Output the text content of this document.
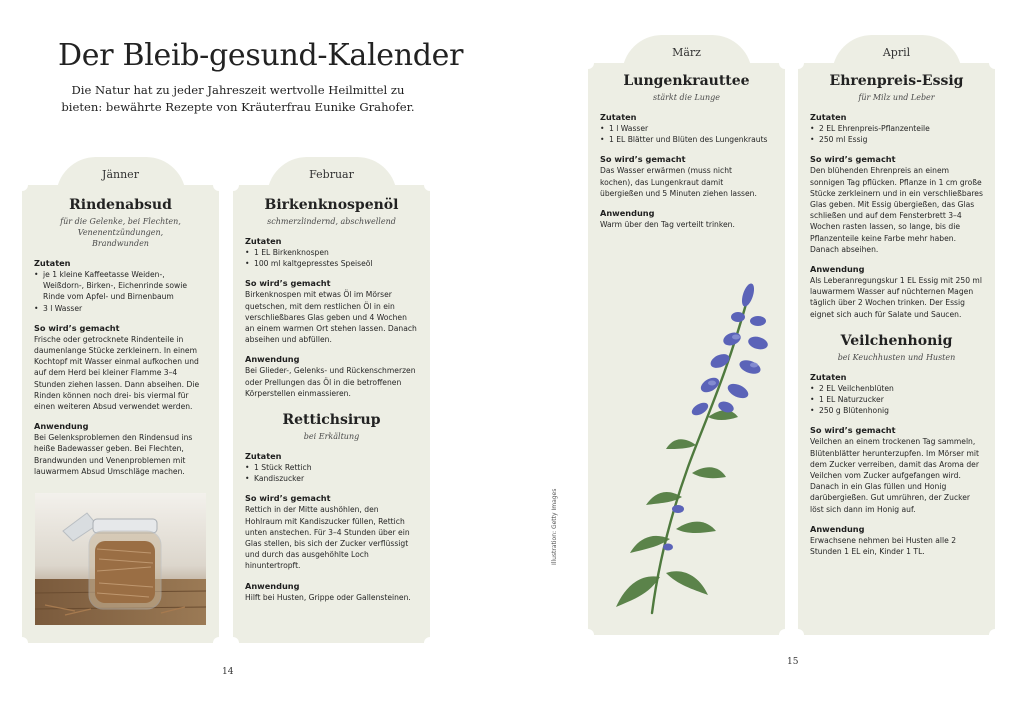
Der Bleib-gesund-Kalender
Die Natur hat zu jeder Jahreszeit wertvolle Heilmittel zu bieten: bewährte Rezepte von Kräuterfrau Eunike Grahofer.
Jänner
Rindenabsud
für die Gelenke, bei Flechten, Venenentzündungen, Brandwunden
Zutaten
• je 1 kleine Kaffeetasse Weiden-, Weißdorn-, Birken-, Eichenrinde sowie Rinde vom Apfel- und Birnenbaum
• 3 l Wasser
So wird’s gemacht
Frische oder getrocknete Rindenteile in daumenlange Stücke zerkleinern. In einem Kochtopf mit Wasser einmal aufkochen und auf dem Herd bei kleiner Flamme 3–4 Stunden ziehen lassen. Dann abseihen. Die Rinden können noch drei- bis viermal für einen weiteren Absud verwendet werden.
Anwendung
Bei Gelenksproblemen den Rindensud ins heiße Badewasser geben. Bei Flechten, Brandwunden und Venenproblemen mit lauwarmem Absud Umschläge machen.
Februar
Birkenknospenöl
schmerzlindernd, abschwellend
Zutaten
• 1 EL Birkenknospen
• 100 ml kaltgepresstes Speiseöl
So wird’s gemacht
Birkenknospen mit etwas Öl im Mörser quetschen, mit dem restlichen Öl in ein verschließbares Glas geben und 4 Wochen an einem warmen Ort stehen lassen. Danach abseihen und abfüllen.
Anwendung
Bei Glieder-, Gelenks- und Rückenschmerzen oder Prellungen das Öl in die betroffenen Körperstellen einmassieren.
Rettichsirup
bei Erkältung
Zutaten
• 1 Stück Rettich
• Kandiszucker
So wird’s gemacht
Rettich in der Mitte aushöhlen, den Hohlraum mit Kandiszucker füllen, Rettich unten anstechen. Für 3–4 Stunden über ein Glas stellen, bis sich der Zucker verflüssigt und durch das ausgehöhlte Loch hinuntertropft.
Anwendung
Hilft bei Husten, Grippe oder Gallensteinen.
März
Lungenkrauttee
stärkt die Lunge
Zutaten
• 1 l Wasser
• 1 EL Blätter und Blüten des Lungenkrauts
So wird’s gemacht
Das Wasser erwärmen (muss nicht kochen), das Lungenkraut damit übergießen und 5 Minuten ziehen lassen.
Anwendung
Warm über den Tag verteilt trinken.
April
Ehrenpreis-Essig
für Milz und Leber
Zutaten
• 2 EL Ehrenpreis-Pflanzenteile
• 250 ml Essig
So wird’s gemacht
Den blühenden Ehrenpreis an einem sonnigen Tag pflücken. Pflanze in 1 cm große Stücke zerkleinern und in ein verschließbares Glas geben. Mit Essig übergießen, das Glas schließen und auf dem Fensterbrett 3–4 Wochen rasten lassen, so lange, bis die Pflanzenteile keine Farbe mehr haben. Danach abseihen.
Anwendung
Als Leberanregungskur 1 EL Essig mit 250 ml lauwarmem Wasser auf nüchternen Magen täglich über 2 Wochen trinken. Der Essig eignet sich auch für Salate und Saucen.
Veilchenhonig
bei Keuchhusten und Husten
Zutaten
• 2 EL Veilchenblüten
• 1 EL Naturzucker
• 250 g Blütenhonig
So wird’s gemacht
Veilchen an einem trockenen Tag sammeln, Blütenblätter herunterzupfen. Im Mörser mit dem Zucker verreiben, damit das Aroma der Veilchen vom Zucker aufgefangen wird. Danach in ein Glas füllen und Honig darübergießen. Gut umrühren, der Zucker löst sich dann im Honig auf.
Anwendung
Erwachsene nehmen bei Husten alle 2 Stunden 1 EL ein, Kinder 1 TL.
Illustration: Getty Images
14
15
